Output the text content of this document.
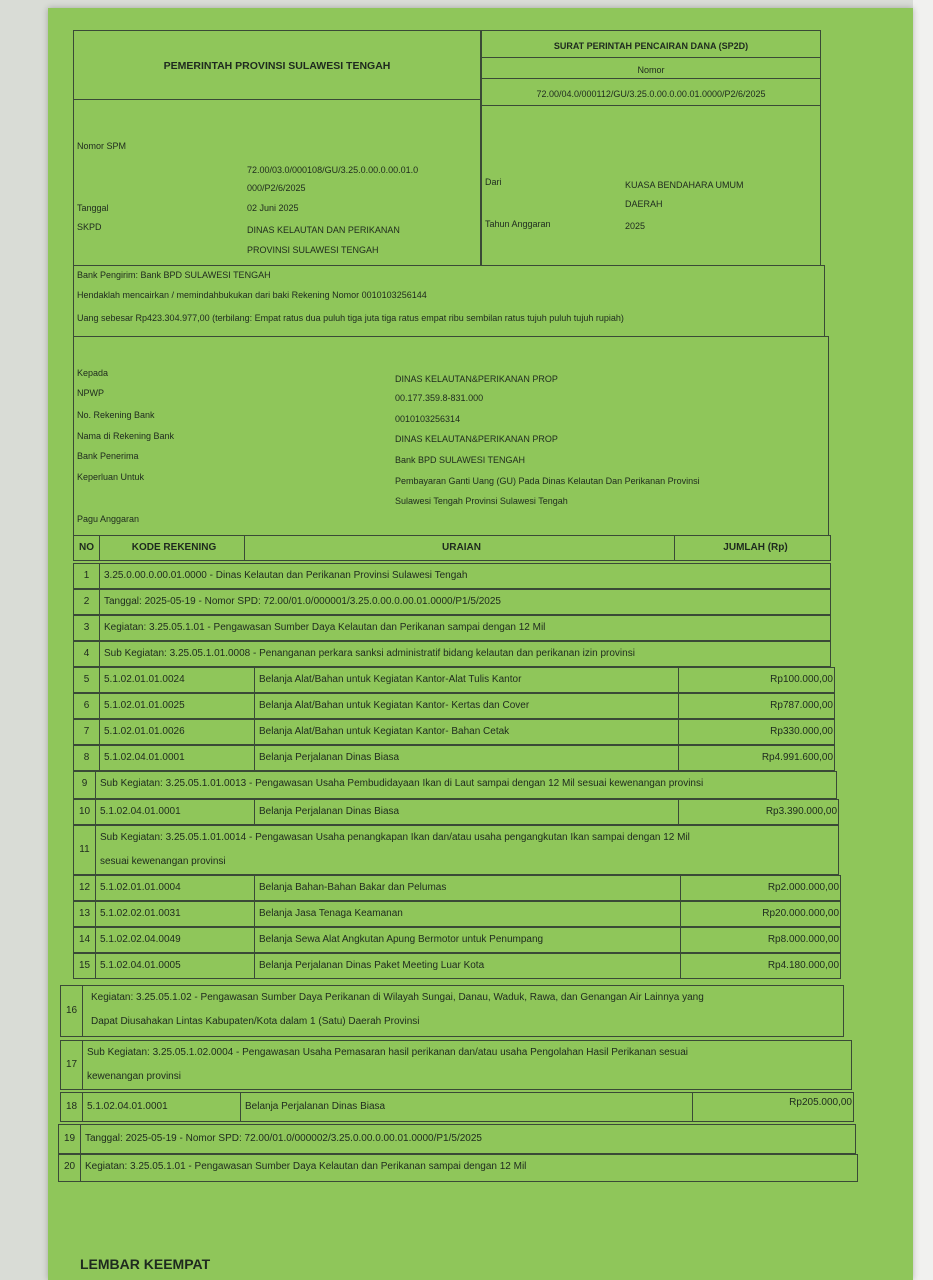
PEMERINTAH PROVINSI SULAWESI TENGAH
SURAT PERINTAH PENCAIRAN DANA (SP2D)
Nomor
72.00/04.0/000112/GU/3.25.0.00.0.00.01.0000/P2/6/2025
Nomor SPM
72.00/03.0/000108/GU/3.25.0.00.0.00.01.0
000/P2/6/2025
Tanggal	02 Juni 2025
SKPD	DINAS KELAUTAN DAN PERIKANAN
PROVINSI SULAWESI TENGAH
Dari	KUASA BENDAHARA UMUM
DAERAH
Tahun Anggaran	2025
Bank Pengirim: Bank BPD SULAWESI TENGAH
Hendaklah mencairkan / memindahbukukan dari baki Rekening Nomor 0010103256144
Uang sebesar Rp423.304.977,00 (terbilang: Empat ratus dua puluh tiga juta tiga ratus empat ribu sembilan ratus tujuh puluh tujuh rupiah)
Kepada
DINAS KELAUTAN&PERIKANAN PROP
NPWP	00.177.359.8-831.000
No. Rekening Bank	0010103256314
Nama di Rekening Bank	DINAS KELAUTAN&PERIKANAN PROP
Bank Penerima	Bank BPD SULAWESI TENGAH
Keperluan Untuk	Pembayaran Ganti Uang (GU) Pada Dinas Kelautan Dan Perikanan Provinsi
Sulawesi Tengah Provinsi Sulawesi Tengah
Pagu Anggaran
NO	KODE REKENING	URAIAN	JUMLAH (Rp)
1	3.25.0.00.0.00.01.0000 - Dinas Kelautan dan Perikanan Provinsi Sulawesi Tengah
2	Tanggal: 2025-05-19 - Nomor SPD: 72.00/01.0/000001/3.25.0.00.0.00.01.0000/P1/5/2025
3	Kegiatan: 3.25.05.1.01 - Pengawasan Sumber Daya Kelautan dan Perikanan sampai dengan 12 Mil
4	Sub Kegiatan: 3.25.05.1.01.0008 - Penanganan perkara sanksi administratif bidang kelautan dan perikanan izin provinsi
5	5.1.02.01.01.0024	Belanja Alat/Bahan untuk Kegiatan Kantor-Alat Tulis Kantor	Rp100.000,00
6	5.1.02.01.01.0025	Belanja Alat/Bahan untuk Kegiatan Kantor- Kertas dan Cover	Rp787.000,00
7	5.1.02.01.01.0026	Belanja Alat/Bahan untuk Kegiatan Kantor- Bahan Cetak	Rp330.000,00
8	5.1.02.04.01.0001	Belanja Perjalanan Dinas Biasa	Rp4.991.600,00
9	Sub Kegiatan: 3.25.05.1.01.0013 - Pengawasan Usaha Pembudidayaan Ikan di Laut sampai dengan 12 Mil sesuai kewenangan provinsi
10 5.1.02.04.01.0001	Belanja Perjalanan Dinas Biasa	Rp3.390.000,00
11
Sub Kegiatan: 3.25.05.1.01.0014 - Pengawasan Usaha penangkapan Ikan dan/atau usaha pengangkutan Ikan sampai dengan 12 Mil
sesuai kewenangan provinsi
12 5.1.02.01.01.0004	Belanja Bahan-Bahan Bakar dan Pelumas	Rp2.000.000,00
13 5.1.02.02.01.0031	Belanja Jasa Tenaga Keamanan	Rp20.000.000,00
14 5.1.02.02.04.0049	Belanja Sewa Alat Angkutan Apung Bermotor untuk Penumpang	Rp8.000.000,00
15 5.1.02.04.01.0005	Belanja Perjalanan Dinas Paket Meeting Luar Kota	Rp4.180.000,00
16
Kegiatan: 3.25.05.1.02 - Pengawasan Sumber Daya Perikanan di Wilayah Sungai, Danau, Waduk, Rawa, dan Genangan Air Lainnya yang
Dapat Diusahakan Lintas Kabupaten/Kota dalam 1 (Satu) Daerah Provinsi
17
Sub Kegiatan: 3.25.05.1.02.0004 - Pengawasan Usaha Pemasaran hasil perikanan dan/atau usaha Pengolahan Hasil Perikanan sesuai
kewenangan provinsi
18 5.1.02.04.01.0001	Belanja Perjalanan Dinas Biasa	Rp205.000,00
19 Tanggal: 2025-05-19 - Nomor SPD: 72.00/01.0/000002/3.25.0.00.0.00.01.0000/P1/5/2025
20 Kegiatan: 3.25.05.1.01 - Pengawasan Sumber Daya Kelautan dan Perikanan sampai dengan 12 Mil
LEMBAR KEEMPAT
